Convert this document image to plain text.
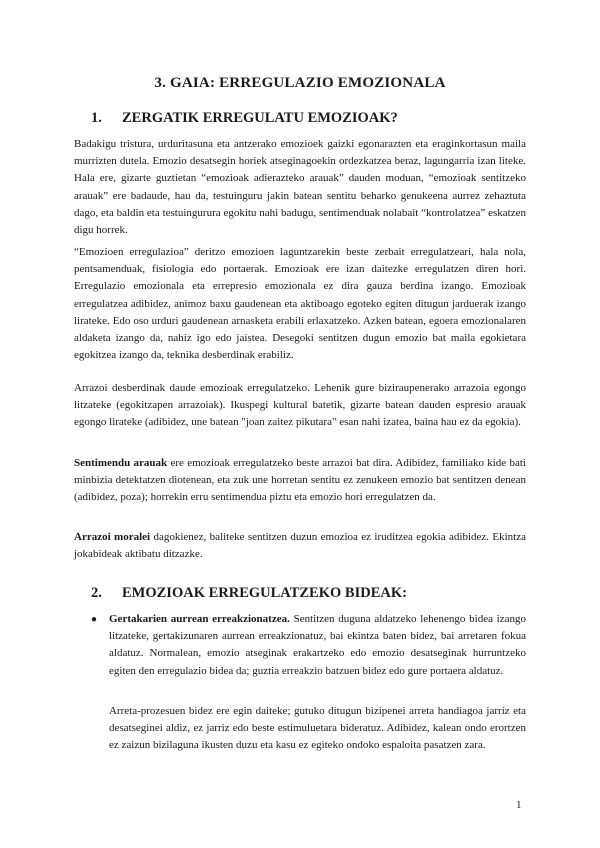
3. GAIA: ERREGULAZIO EMOZIONALA
1. ZERGATIK ERREGULATU EMOZIOAK?

Badakigu tristura, urduritasuna eta antzerako emozioek gaizki egonarazten eta eraginkortasun maila murrizten dutela. Emozio desatsegin horiek atseginagoekin ordezkatzea beraz, lagungarria izan liteke. Hala ere, gizarte guztietan “emozioak adierazteko arauak” dauden moduan, “emozioak sentitzeko arauak” ere badaude, hau da, testuinguru jakin batean sentitu beharko genukeena aurrez zehaztuta dago, eta baldin eta testuingurura egokitu nahi badugu, sentimenduak nolabait “kontrolatzea” eskatzen digu horrek.

“Emozioen erregulazioa” deritzo emozioen laguntzarekin beste zerbait erregulatzeari, hala nola, pentsamenduak, fisiologia edo portaerak. Emozioak ere izan daitezke erregulatzen diren hori. Erregulazio emozionala eta errepresio emozionala ez dira gauza berdina izango. Emozioak erregulatzea adibidez, animoz baxu gaudenean eta aktiboago egoteko egiten ditugun jarduerak izango lirateke. Edo oso urduri gaudenean arnasketa erabili erlaxatzeko. Azken batean, egoera emozionalaren aldaketa izango da, nahiz igo edo jaistea. Desegoki sentitzen dugun emozio bat maila egokietara egokitzea izango da, teknika desberdinak erabiliz.

Arrazoi desberdinak daude emozioak erregulatzeko. Lehenik gure biziraupenerako arrazoia egongo litzateke (egokitzapen arrazoiak). Ikuspegi kultural batetik, gizarte batean dauden espresio arauak egongo lirateke (adibidez, une batean "joan zaitez pikutara" esan nahi izatea, baina hau ez da egokia).

Sentimendu arauak ere emozioak erregulatzeko beste arrazoi bat dira. Adibidez, familiako kide bati minbizia detektatzen diotenean, eta zuk une horretan sentitu ez zenukeen emozio bat sentitzen denean (adibidez, poza); horrekin erru sentimendua piztu eta emozio hori erregulatzen da.

Arrazoi moralei dagokienez, baliteke sentitzen duzun emozioa ez iruditzea egokia adibidez. Ekintza jokabideak aktibatu ditzazke.

2. EMOZIOAK ERREGULATZEKO BIDEAK:
● Gertakarien aurrean erreakzionatzea. Sentitzen duguna aldatzeko lehenengo bidea izango litzateke, gertakizunaren aurrean erreakzionatuz, bai ekintza baten bidez, bai arretaren fokua aldatuz. Normalean, emozio atseginak erakartzeko edo emozio desatseginak hurruntzeko egiten den erregulazio bidea da; guztia erreakzio batzuen bidez edo gure portaera aldatuz.

Arreta-prozesuen bidez ere egin daiteke; gutuko ditugun bizipenei arreta handiagoa jarriz eta desatseginei aldiz, ez jarriz edo beste estimuluetara bideratuz. Adibidez, kalean ondo erortzen ez zaizun bizilaguna ikusten duzu eta kasu ez egiteko ondoko espaloita pasatzen zara.

1
